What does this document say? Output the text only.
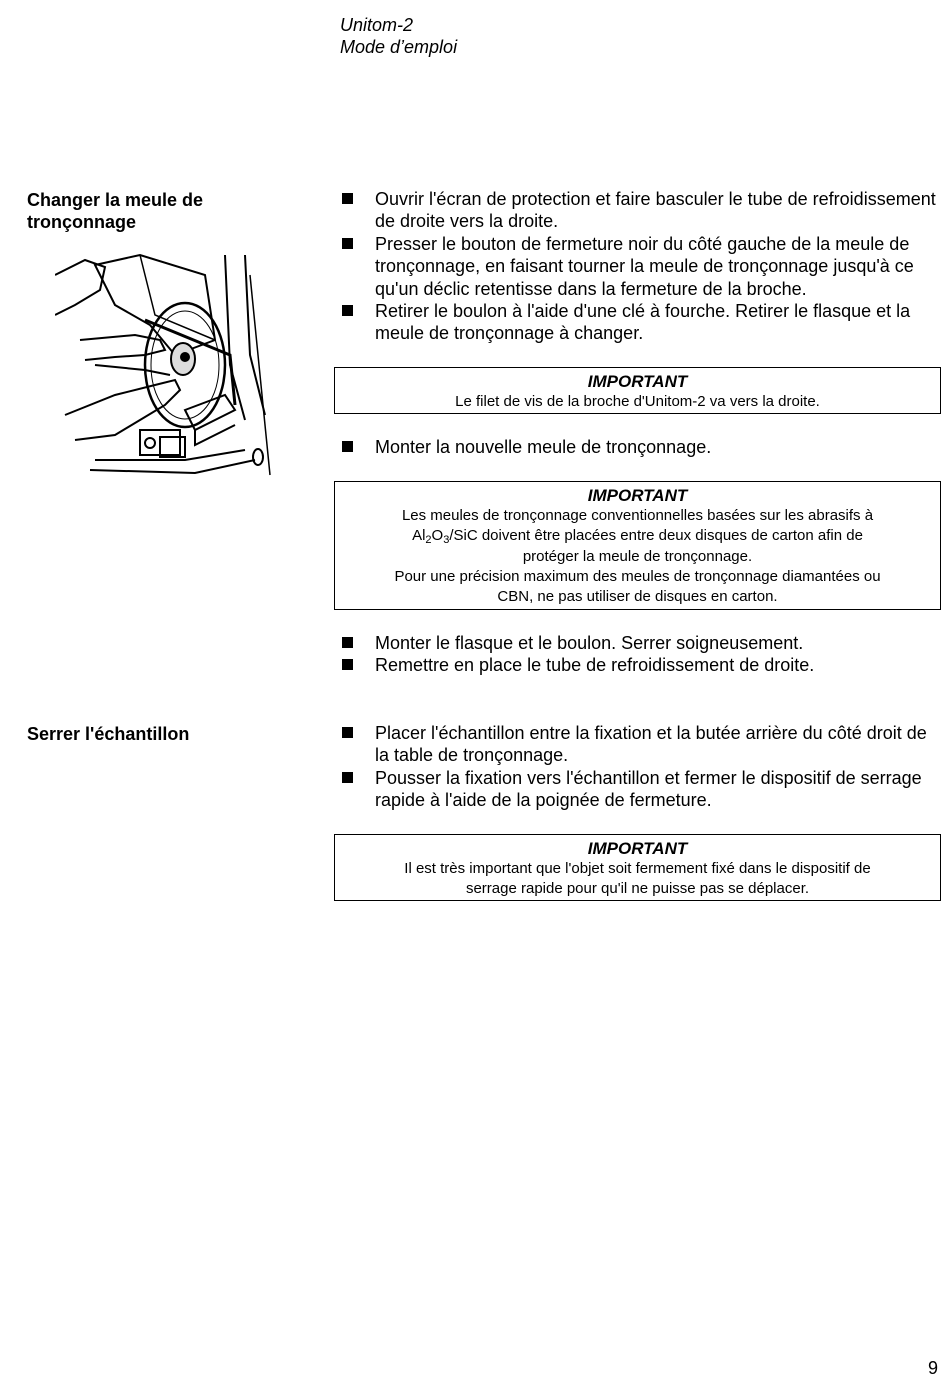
Unitom-2
Mode d’emploi
Changer la meule de
tronçonnage
Ouvrir l'écran de protection et faire basculer le tube de refroidissement de droite vers la droite.
Presser le bouton de fermeture noir du côté gauche de la meule de tronçonnage, en faisant tourner la meule de tronçonnage jusqu'à ce qu'un déclic retentisse dans la fermeture de la broche.
Retirer le boulon à l'aide d'une clé à fourche. Retirer le flasque et la meule de tronçonnage à changer.
IMPORTANT
Le filet de vis de la broche d'Unitom-2 va vers la droite.
Monter la nouvelle meule de tronçonnage.
IMPORTANT
Les meules de tronçonnage conventionnelles basées sur les abrasifs à
$Al_2O_3$/SiC doivent être placées entre deux disques de carton afin de
protéger la meule de tronçonnage.
Pour une précision maximum des meules de tronçonnage diamantées ou
CBN, ne pas utiliser de disques en carton.
Monter le flasque et le boulon. Serrer soigneusement.
Remettre en place le tube de refroidissement de droite.
Serrer l'échantillon	Placer l'échantillon entre la fixation et la butée arrière du côté droit de la table de tronçonnage.
Pousser la fixation vers l'échantillon et fermer le dispositif de serrage rapide à l'aide de la poignée de fermeture.
IMPORTANT
Il est très important que l'objet soit fermement fixé dans le dispositif de
serrage rapide pour qu'il ne puisse pas se déplacer.
9
